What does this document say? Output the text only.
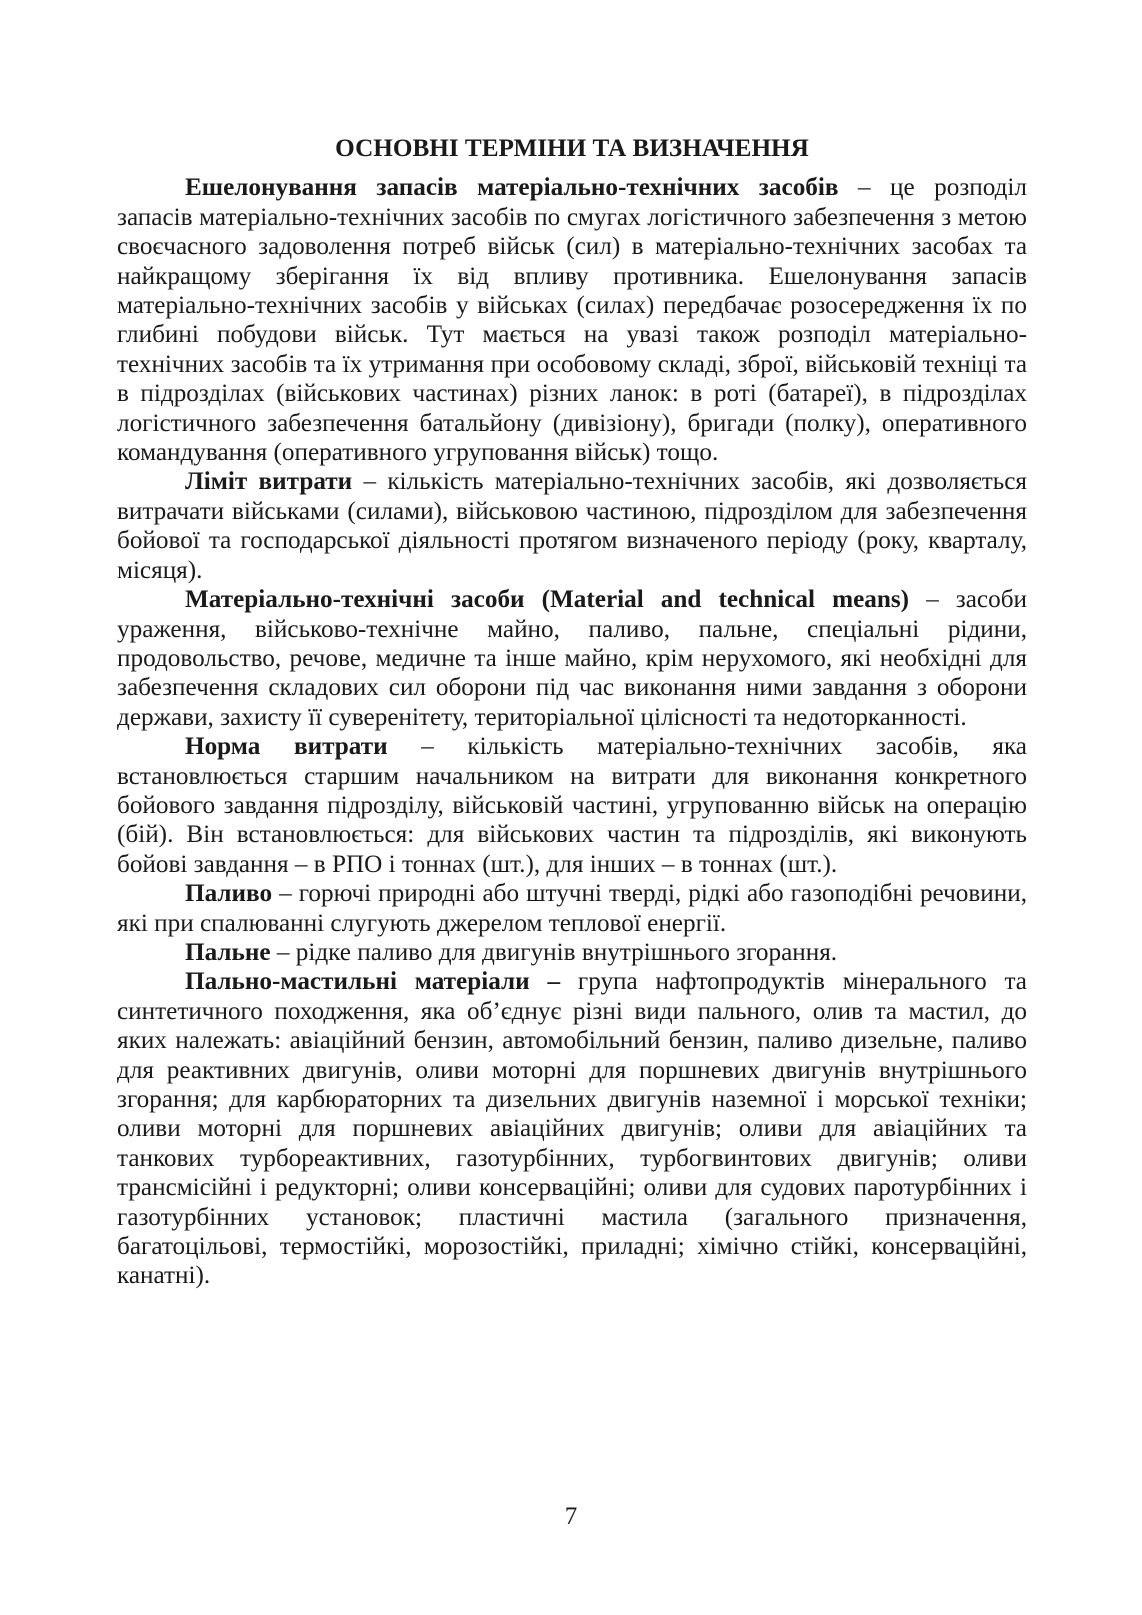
ОСНОВНІ ТЕРМІНИ ТА ВИЗНАЧЕННЯ

Ешелонування запасів матеріально-технічних засобів – це розподіл запасів матеріально-технічних засобів по смугах логістичного забезпечення з метою своєчасного задоволення потреб військ (сил) в матеріально-технічних засобах та найкращому зберігання їх від впливу противника. Ешелонування запасів матеріально-технічних засобів у військах (силах) передбачає розосередження їх по глибині побудови військ. Тут мається на увазі також розподіл матеріально-технічних засобів та їх утримання при особовому складі, зброї, військовій техніці та в підрозділах (військових частинах) різних ланок: в роті (батареї), в підрозділах логістичного забезпечення батальйону (дивізіону), бригади (полку), оперативного командування (оперативного угруповання військ) тощо.

Ліміт витрати – кількість матеріально-технічних засобів, які дозволяється витрачати військами (силами), військовою частиною, підрозділом для забезпечення бойової та господарської діяльності протягом визначеного періоду (року, кварталу, місяця).

Матеріально-технічні засоби (Material and technical means) – засоби ураження, військово-технічне майно, паливо, пальне, спеціальні рідини, продовольство, речове, медичне та інше майно, крім нерухомого, які необхідні для забезпечення складових сил оборони під час виконання ними завдання з оборони держави, захисту її суверенітету, територіальної цілісності та недоторканності.

Норма витрати – кількість матеріально-технічних засобів, яка встановлюється старшим начальником на витрати для виконання конкретного бойового завдання підрозділу, військовій частині, угрупованню військ на операцію (бій). Він встановлюється: для військових частин та підрозділів, які виконують бойові завдання – в РПО і тоннах (шт.), для інших – в тоннах (шт.).

Паливо – горючі природні або штучні тверді, рідкі або газоподібні речовини, які при спалюванні слугують джерелом теплової енергії.

Пальне – рідке паливо для двигунів внутрішнього згорання.

Пально-мастильні матеріали – група нафтопродуктів мінерального та синтетичного походження, яка об’єднує різні види пального, олив та мастил, до яких належать: авіаційний бензин, автомобільний бензин, паливо дизельне, паливо для реактивних двигунів, оливи моторні для поршневих двигунів внутрішнього згорання; для карбюраторних та дизельних двигунів наземної і морської техніки; оливи моторні для поршневих авіаційних двигунів; оливи для авіаційних та танкових турбореактивних, газотурбінних, турбогвинтових двигунів; оливи трансмісійні і редукторні; оливи консерваційні; оливи для судових паротурбінних і газотурбінних установок; пластичні мастила (загального призначення, багатоцільові, термостійкі, морозостійкі, приладні; хімічно стійкі, консерваційні, канатні).

7
